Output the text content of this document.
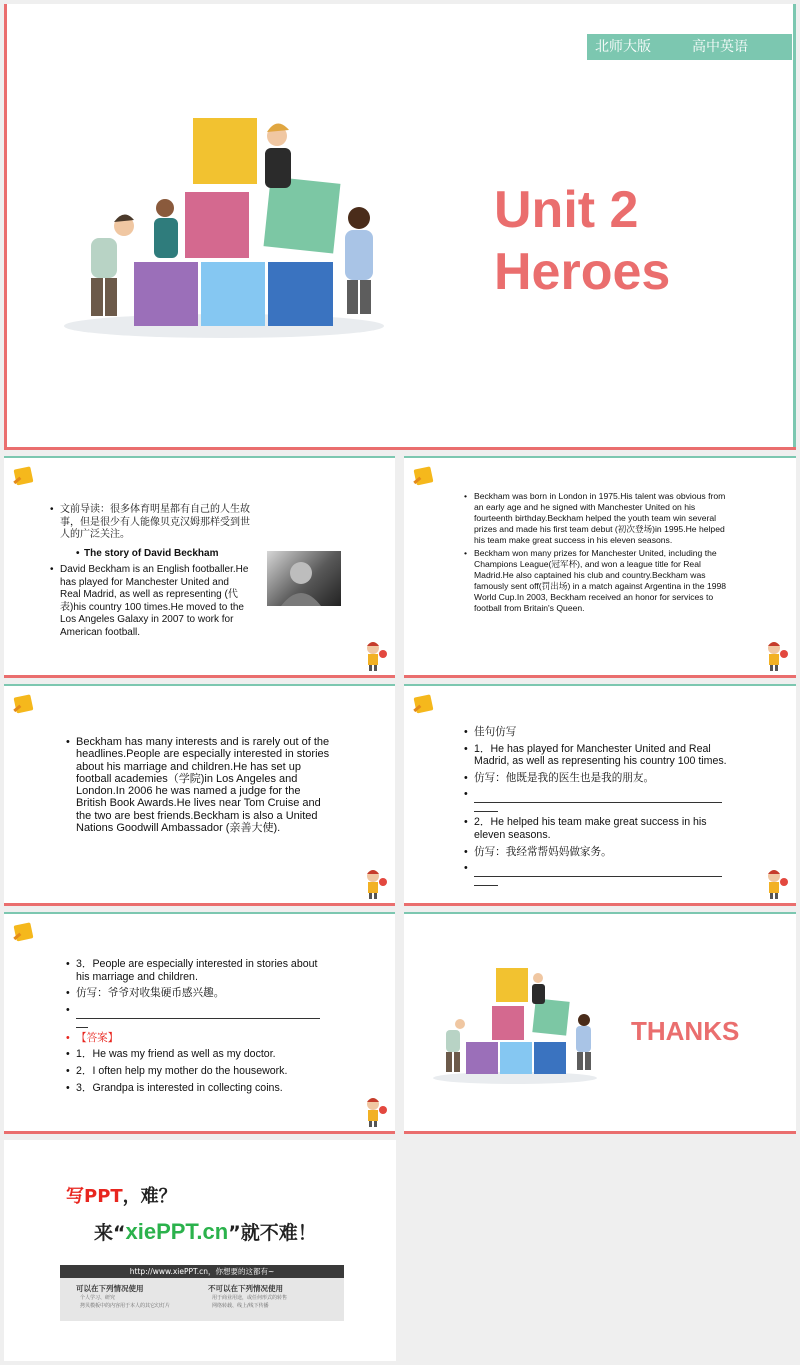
北师大版	高中英语
Unit 2
Heroes
• 文前导读：很多体育明星都有自己的人生故事，但是很少有人能像贝克汉姆那样受到世人的广泛关注。
• The story of David Beckham
• David Beckham is an English footballer.He has played for Manchester United and Real Madrid, as well as representing (代表)his country 100 times.He moved to the Los Angeles Galaxy in 2007 to work for American football.
• Beckham was born in London in 1975.His talent was obvious from an early age and he signed with Manchester United on his fourteenth birthday.Beckham helped the youth team win several prizes and made his first team debut (初次登场)in 1995.He helped his team make great success in his eleven seasons.
• Beckham won many prizes for Manchester United, including the Champions League(冠军杯), and won a league title for Real Madrid.He also captained his club and country.Beckham was famously sent off(罚出场) in a match against Argentina in the 1998 World Cup.In 2003, Beckham received an honor for services to football from Britain's Queen.
• Beckham has many interests and is rarely out of the headlines.People are especially interested in stories about his marriage and children.He has set up football academies（学院)in Los Angeles and London.In 2006 he was named a judge for the British Book Awards.He lives near Tom Cruise and the two are best friends.Beckham is also a United Nations Goodwill Ambassador (亲善大使).
• 佳句仿写
• 1．He has played for Manchester United and Real Madrid, as well as representing his country 100 times.
• 仿写：他既是我的医生也是我的朋友。
•
• 2．He helped his team make great success in his eleven seasons.
• 仿写：我经常帮妈妈做家务。
•
• 3．People are especially interested in stories about his marriage and children.
• 仿写：爷爷对收集硬币感兴趣。
•
• 【答案】
• 1．He was my friend as well as my doctor.
• 2．I often help my mother do the housework.
• 3．Grandpa is interested in collecting coins.
THANKS
写PPT，难？
来“xiePPT.cn”就不难！
http://www.xiePPT.cn，你想要的这都有~
可以在下列情况使用
个人学习、研究
拷贝模板中的内容用于本人的其它幻灯片
不可以在下列情况使用
用于商业用途，或任何形式的转售
网络转载、线上/线下传播
